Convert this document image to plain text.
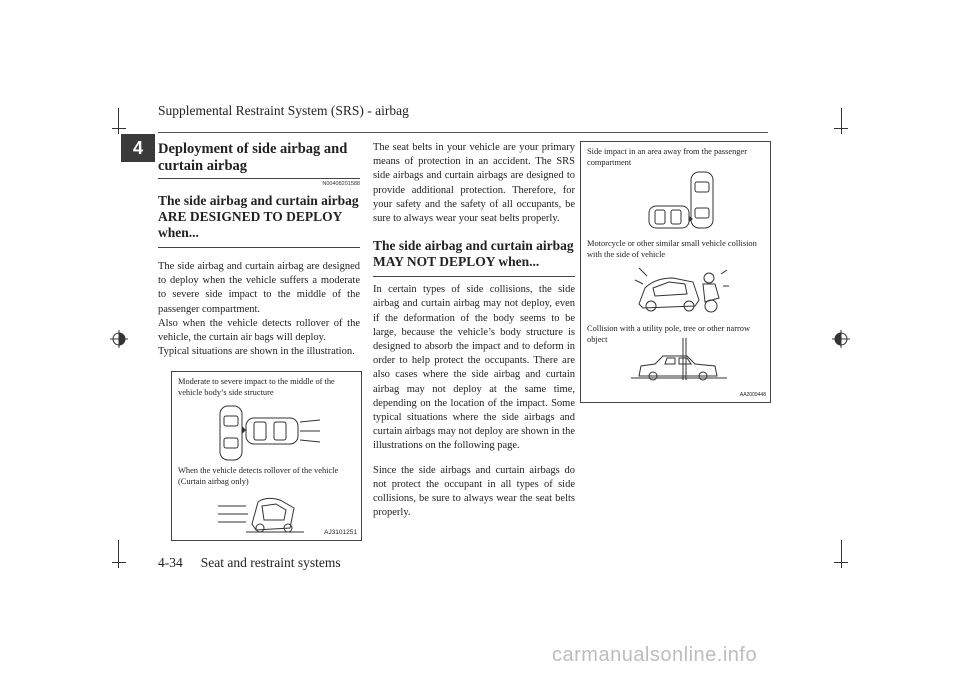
Supplemental Restraint System (SRS) - airbag
4	Deployment of side airbag and curtain airbag
N00408201588
The side airbag and curtain airbag ARE DESIGNED TO DEPLOY when...

The side airbag and curtain airbag are designed to deploy when the vehicle suffers a moderate to severe side impact to the middle of the passenger compartment.

Also when the vehicle detects rollover of the vehicle, the curtain air bags will deploy.

Typical situations are shown in the illustration.

Moderate to severe impact to the middle of the vehicle body’s side structure
When the vehicle detects rollover of the vehicle (Curtain airbag only)
AJ3101251

The seat belts in your vehicle are your primary means of protection in an accident. The SRS side airbags and curtain airbags are designed to provide additional protection. Therefore, for your safety and the safety of all occupants, be sure to always wear your seat belts properly.

The side airbag and curtain airbag MAY NOT DEPLOY when...

In certain types of side collisions, the side airbag and curtain airbag may not deploy, even if the deformation of the body seems to be large, because the vehicle’s body structure is designed to absorb the impact and to deform in order to help protect the occupants. There are also cases where the side airbag and curtain airbag may not deploy at the same time, depending on the location of the impact. Some typical situations where the side airbags and curtain airbags may not deploy are shown in the illustrations on the following page.

Since the side airbags and curtain airbags do not protect the occupant in all types of side collisions, be sure to always wear the seat belts properly.

Side impact in an area away from the passenger compartment
Motorcycle or other similar small vehicle collision with the side of vehicle
Collision with a utility pole, tree or other narrow object
AA2009448
4-34 Seat and restraint systems
carmanualsonline.info
